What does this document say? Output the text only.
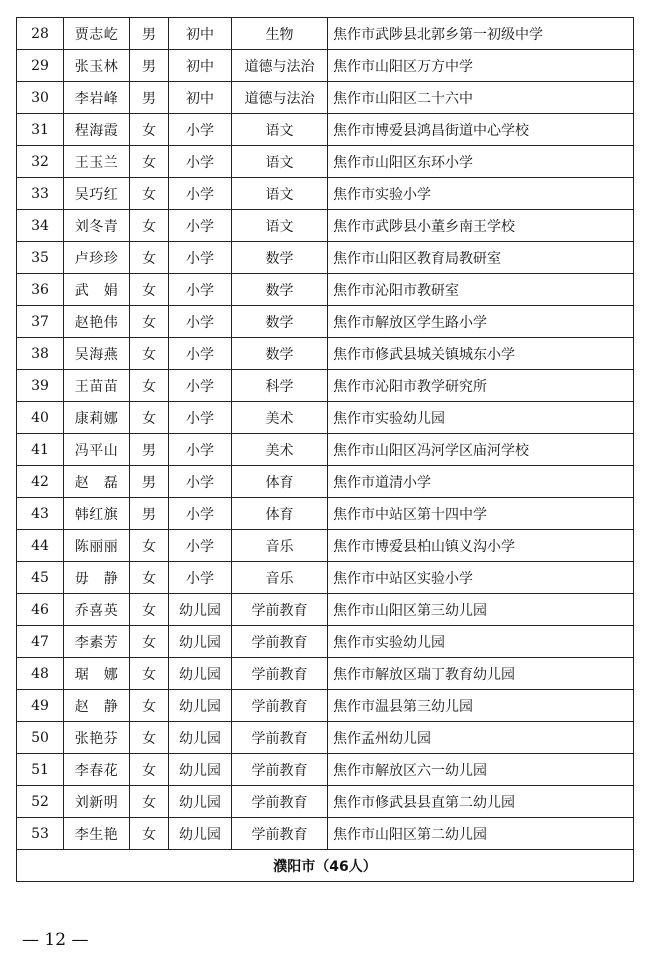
28	贾志屹	男	初中	生物	焦作市武陟县北郭乡第一初级中学
29	张玉林	男	初中	道德与法治	焦作市山阳区万方中学
30	李岩峰	男	初中	道德与法治	焦作市山阳区二十六中
31	程海霞	女	小学	语文	焦作市博爱县鸿昌街道中心学校
32	王玉兰	女	小学	语文	焦作市山阳区东环小学
33	吴巧红	女	小学	语文	焦作市实验小学
34	刘冬青	女	小学	语文	焦作市武陟县小董乡南王学校
35	卢珍珍	女	小学	数学	焦作市山阳区教育局教研室
36	武　娟	女	小学	数学	焦作市沁阳市教研室
37	赵艳伟	女	小学	数学	焦作市解放区学生路小学
38	吴海燕	女	小学	数学	焦作市修武县城关镇城东小学
39	王苗苗	女	小学	科学	焦作市沁阳市教学研究所
40	康莉娜	女	小学	美术	焦作市实验幼儿园
41	冯平山	男	小学	美术	焦作市山阳区冯河学区庙河学校
42	赵　磊	男	小学	体育	焦作市道清小学
43	韩红旗	男	小学	体育	焦作市中站区第十四中学
44	陈丽丽	女	小学	音乐	焦作市博爱县柏山镇义沟小学
45	毋　静	女	小学	音乐	焦作市中站区实验小学
46	乔喜英	女	幼儿园	学前教育	焦作市山阳区第三幼儿园
47	李素芳	女	幼儿园	学前教育	焦作市实验幼儿园
48	琚　娜	女	幼儿园	学前教育	焦作市解放区瑞丁教育幼儿园
49	赵　静	女	幼儿园	学前教育	焦作市温县第三幼儿园
50	张艳芬	女	幼儿园	学前教育	焦作孟州幼儿园
51	李春花	女	幼儿园	学前教育	焦作市解放区六一幼儿园
52	刘新明	女	幼儿园	学前教育	焦作市修武县县直第二幼儿园
53	李生艳	女	幼儿园	学前教育	焦作市山阳区第二幼儿园
濮阳市（46人）					
— 12 —
